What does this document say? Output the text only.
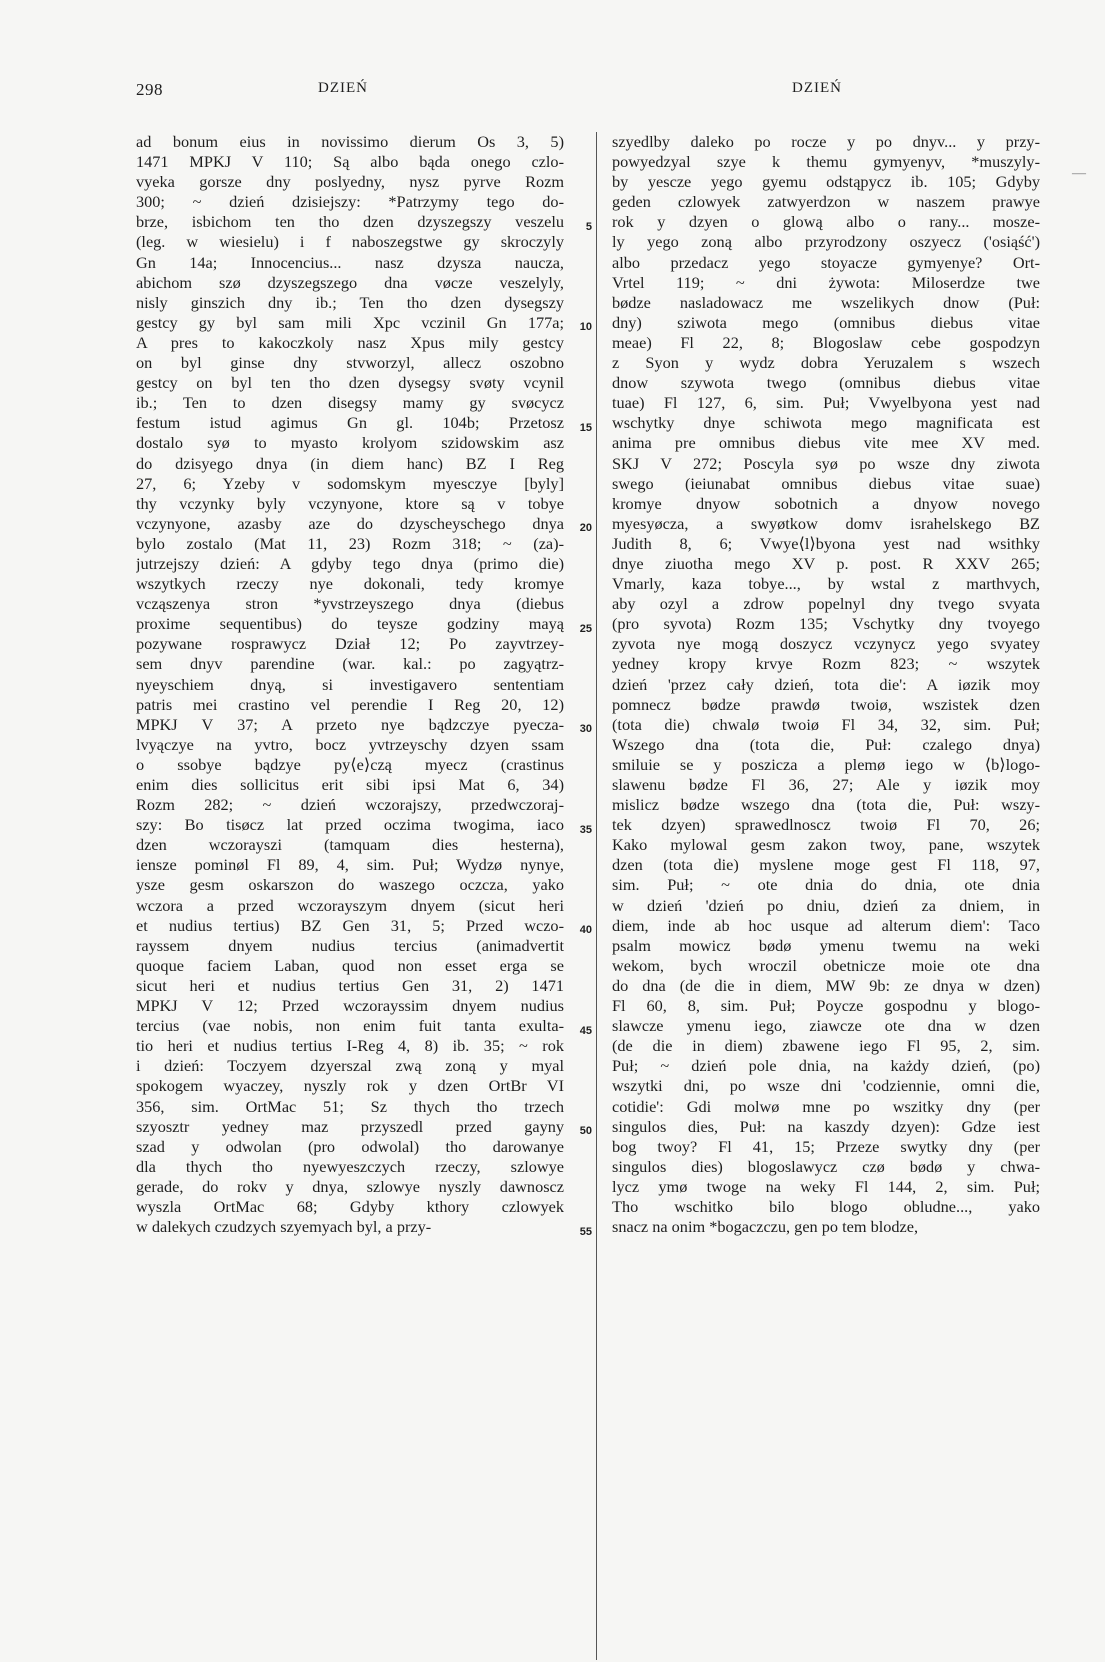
298	DZIEŃ	DZIEŃ
—
ad bonum eius in novissimo dierum Os 3, 5)
1471 MPKJ V 110; Są albo bąda onego czlo-
vyeka gorsze dny poslyedny, nysz pyrve Rozm
300; ~ dzień dzisiejszy: *Patrzymy tego do-
brze, isbichom ten tho dzen dzyszegszy veszelu
(leg. w wiesielu) i f naboszegstwe gy skroczyly
Gn 14a; Innocencius... nasz dzysza naucza,
abichom szø dzyszegszego dna vøcze veszelyly,
nisly ginszich dny ib.; Ten tho dzen dysegszy
gestcy gy byl sam mili Xpc vczinil Gn 177a;
A pres to kakoczkoly nasz Xpus mily gestcy
on byl ginse dny stvworzyl, allecz oszobno
gestcy on byl ten tho dzen dysegsy svøty vcynil
ib.; Ten to dzen disegsy mamy gy svøcycz
festum istud agimus Gn gl. 104b; Przetosz
dostalo syø to myasto krolyom szidowskim asz
do dzisyego dnya (in diem hanc) BZ I Reg
27, 6; Yzeby v sodomskym myesczye [byly]
thy vczynky byly vczynyone, ktore są v tobye
vczynyone, azasby aze do dzyscheyschego dnya
bylo zostalo (Mat 11, 23) Rozm 318; ~ (za)-
jutrzejszy dzień: A gdyby tego dnya (primo die)
wszytkych rzeczy nye dokonali, tedy kromye
vcząszenya stron *yvstrzeyszego dnya (diebus
proxime sequentibus) do teysze godziny mayą
pozywane rosprawycz Dział 12; Po zayvtrzey-
sem dnyv parendine (war. kal.: po zagyątrz-
nyeyschiem dnyą, si investigavero sententiam
patris mei crastino vel perendie I Reg 20, 12)
MPKJ V 37; A przeto nye bądzczye pyecza-
lvyączye na yvtro, bocz yvtrzeyschy dzyen ssam
o ssobye bądzye py⟨e⟩czą myecz (crastinus
enim dies sollicitus erit sibi ipsi Mat 6, 34)
Rozm 282; ~ dzień wczorajszy, przedwczoraj-
szy: Bo tisøcz lat przed oczima twogima, iaco
dzen wczorayszi (tamquam dies hesterna),
iensze pominøl Fl 89, 4, sim. Puł; Wydzø nynye,
ysze gesm oskarszon do waszego oczcza, yako
wczora a przed wczorayszym dnyem (sicut heri
et nudius tertius) BZ Gen 31, 5; Przed wczo-
rayssem dnyem nudius tercius (animadvertit
quoque faciem Laban, quod non esset erga se
sicut heri et nudius tertius Gen 31, 2) 1471
MPKJ V 12; Przed wczorayssim dnyem nudius
tercius (vae nobis, non enim fuit tanta exulta-
tio heri et nudius tertius I-Reg 4, 8) ib. 35; ~ rok
i dzień: Toczyem dzyerszal zwą zoną y myal
spokogem wyaczey, nyszly rok y dzen OrtBr VI
356, sim. OrtMac 51; Sz thych tho trzech
szyosztr yedney maz przyszedl przed gayny
szad y odwolan (pro odwolal) tho darowanye
dla thych tho nyewyeszczych rzeczy, szlowye
gerade, do rokv y dnya, szlowye nyszly dawnoscz
wyszla OrtMac 68; Gdyby kthory czlowyek
w dalekych czudzych szyemyach byl, a przy-
5
10
15
20
25
30
35
40
45
50
55
szyedlby daleko po rocze y po dnyv... y przy-
powyedzyal szye k themu gymyenyv, *muszyly-
by yescze yego gyemu odstąpycz ib. 105; Gdyby
geden czlowyek zatwyerdzon w naszem prawye
rok y dzyen o glową albo o rany... mosze-
ly yego zoną albo przyrodzony oszyecz ('osiąść')
albo przedacz yego stoyacze gymyenye? Ort-
Vrtel 119; ~ dni żywota: Miloserdze twe
bødze nasladowacz me wszelikych dnow (Puł:
dny) sziwota mego (omnibus diebus vitae
meae) Fl 22, 8; Blogoslaw cebe gospodzyn
z Syon y wydz dobra Yeruzalem s wszech
dnow szywota twego (omnibus diebus vitae
tuae) Fl 127, 6, sim. Puł; Vwyelbyona yest nad
wschytky dnye schiwota mego magnificata est
anima pre omnibus diebus vite mee XV med.
SKJ V 272; Poscyla syø po wsze dny ziwota
swego (ieiunabat omnibus diebus vitae suae)
kromye dnyow sobotnich a dnyow novego
myesyøcza, a swyøtkow domv israhelskego BZ
Judith 8, 6; Vwye⟨l⟩byona yest nad wsithky
dnye ziuotha mego XV p. post. R XXV 265;
Vmarly, kaza tobye..., by wstal z marthvych,
aby ozyl a zdrow popelnyl dny tvego svyata
(pro syvota) Rozm 135; Vschytky dny tvoyego
zyvota nye mogą doszycz vczynycz yego svyatey
yedney kropy krvye Rozm 823; ~ wszytek
dzień 'przez cały dzień, tota die': A iøzik moy
pomnecz bødze prawdø twoiø, wszistek dzen
(tota die) chwalø twoiø Fl 34, 32, sim. Puł;
Wszego dna (tota die, Puł: czalego dnya)
smiluie se y poszicza a plemø iego w ⟨b⟩logo-
slawenu bødze Fl 36, 27; Ale y iøzik moy
mislicz bødze wszego dna (tota die, Puł: wszy-
tek dzyen) sprawedlnoscz twoiø Fl 70, 26;
Kako mylowal gesm zakon twoy, pane, wszytek
dzen (tota die) myslene moge gest Fl 118, 97,
sim. Puł; ~ ote dnia do dnia, ote dnia
w dzień 'dzień po dniu, dzień za dniem, in
diem, inde ab hoc usque ad alterum diem': Taco
psalm mowicz bødø ymenu twemu na weki
wekom, bych wroczil obetnicze moie ote dna
do dna (de die in diem, MW 9b: ze dnya w dzen)
Fl 60, 8, sim. Puł; Poycze gospodnu y blogo-
slawcze ymenu iego, ziawcze ote dna w dzen
(de die in diem) zbawene iego Fl 95, 2, sim.
Puł; ~ dzień pole dnia, na każdy dzień, (po)
wszytki dni, po wsze dni 'codziennie, omni die,
cotidie': Gdi molwø mne po wszitky dny (per
singulos dies, Puł: na kaszdy dzyen): Gdze iest
bog twoy? Fl 41, 15; Przeze swytky dny (per
singulos dies) blogoslawycz czø bødø y chwa-
lycz ymø twoge na weky Fl 144, 2, sim. Puł;
Tho wschitko bilo blogo obludne..., yako
snacz na onim *bogaczczu, gen po tem blodze,
